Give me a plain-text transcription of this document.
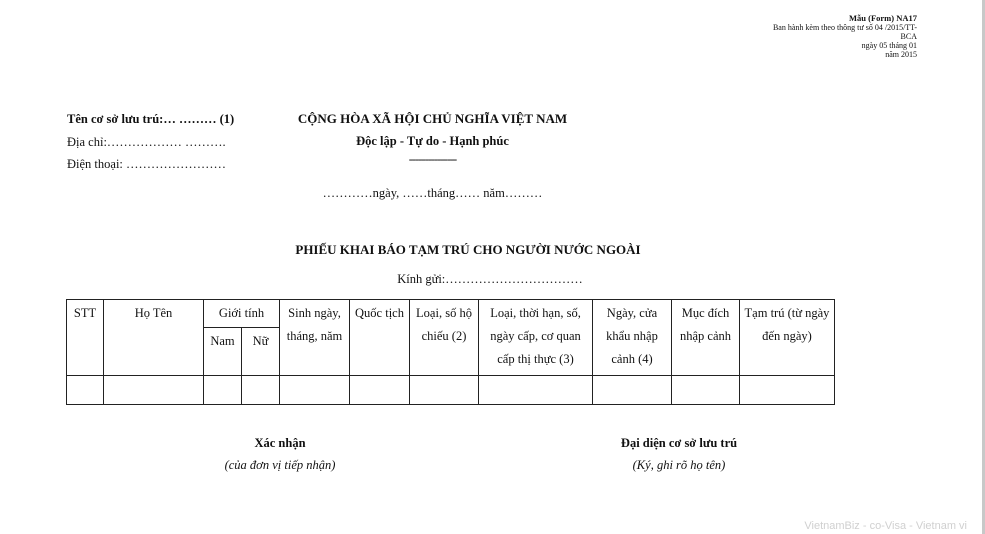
Mẫu (Form) NA17
Ban hành kèm theo thông tư số 04 /2015/TT-
BCA
ngày 05 tháng 01
năm 2015
Tên cơ sở lưu trú:… ……… (1)
Địa chỉ:……………… ……….
Điện thoại: ……………………
CỘNG HÒA XÃ HỘI CHỦ NGHĨA VIỆT NAM
Độc lập - Tự do - Hạnh phúc
---------------
…………ngày, ……tháng…… năm………
PHIẾU KHAI BÁO TẠM TRÚ CHO NGƯỜI NƯỚC NGOÀI
Kính gửi:……………………………
STT	Họ Tên	Giới tính		Sinh ngày, tháng, năm	Quốc tịch	Loại, số hộ chiếu (2)	Loại, thời hạn, số, ngày cấp, cơ quan cấp thị thực (3)	Ngày, cửa khẩu nhập cảnh (4)	Mục đích nhập cảnh	Tạm trú (từ ngày đến ngày)
		Nam	Nữ							

Xác nhận
(của đơn vị tiếp nhận)
Đại diện cơ sở lưu trú
(Ký, ghi rõ họ tên)
VietnamBiz - co-Visa - Vietnam vi
